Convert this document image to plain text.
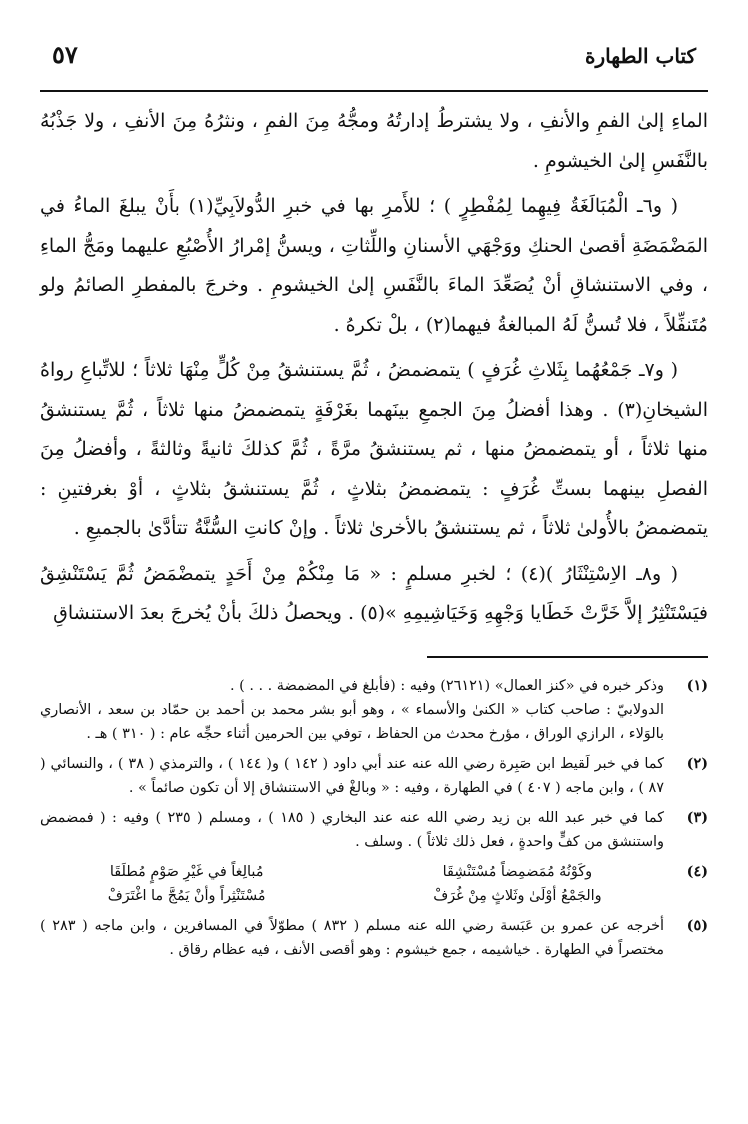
كتاب الطهارة
٥٧

الماءِ إلىٰ الفمِ والأنفِ ، ولا يشترطُ إدارتُهُ ومجُّهُ مِنَ الفمِ ، ونثرُهُ مِنَ الأنفِ ، ولا جَذْبُهُ بالنَّفَسِ إلىٰ الخيشومِ .

( و٦ـ الْمُبَالَغَةُ فِيهِما لِمُفْطِرٍ ) ؛ للأَمرِ بها في خبرِ الدُّولاَبِيِّ(١) بأَنْ يبلغَ الماءُ في المَضْمَضَةِ أقصىٰ الحنكِ ووَجْهَي الأسنانِ واللِّثاتِ ، ويسنُّ إمْرارُ الأُصْبُعِ عليهما ومَجُّ الماءِ ، وفي الاستنشاقِ أنْ يُصَعِّدَ الماءَ بالنَّفَسِ إلىٰ الخيشومِ . وخرجَ بالمفطرِ الصائمُ ولو مُتَنفِّلاً ، فلا تُسنُّ لَهُ المبالغةُ فيهما(٢) ، بلْ تكرهُ .

( و٧ـ جَمْعُهُما بِثَلاثِ غُرَفٍ ) يتمضمضُ ، ثُمَّ يستنشقُ مِنْ كُلٍّ مِنْهَا ثلاثاً ؛ للاتِّباعِ رواهُ الشيخانِ(٣) . وهذا أفضلُ مِنَ الجمعِ بينَهما بغَرْفَةٍ يتمضمضُ منها ثلاثاً ، ثُمَّ يستنشقُ منها ثلاثاً ، أو يتمضمضُ منها ، ثم يستنشقُ مرَّةً ، ثُمَّ كذلكَ ثانيةً وثالثةً ، وأفضلُ مِنَ الفصلِ بينهما بستِّ غُرَفٍ : يتمضمضُ بثلاثٍ ، ثُمَّ يستنشقُ بثلاثٍ ، أوْ بغرفتينِ : يتمضمضُ بالأُولىٰ ثلاثاً ، ثم يستنشقُ بالأخرىٰ ثلاثاً . وإنْ كانتِ السُّنَّةُ تتأدَّىٰ بالجميعِ .

( و٨ـ الاِسْتِنْثَارُ )(٤) ؛ لخبرِ مسلمٍ : « مَا مِنْكُمْ مِنْ أَحَدٍ يتمضْمَضُ ثُمَّ يَسْتَنْشِقُ فيَسْتَنْثِرُ إلاَّ خَرَّتْ خَطَايا وَجْهِهِ وَخَيَاشِيمِهِ »(٥) . ويحصلُ ذلكَ بأنْ يُخرجَ بعدَ الاستنشاقِ

(١)

وذكر خبره في «كنز العمال» (٢٦١٢١) وفيه : (فأبلغ في المضمضة . . . ) .

الدولابيّ : صاحب كتاب « الكنىٰ والأسماء » ، وهو أبو بشر محمد بن أحمد بن حمّاد بن سعد ، الأنصاري بالوَلاء ، الرازي الوراق ، مؤرخ محدث من الحفاظ ، توفي بين الحرمين أثناء حجِّه عام : ( ٣١٠ ) هـ .

(٢)

كما في خبر لَقيط ابن صَبِرة رضي الله عنه عند أبي داود ( ١٤٢ ) و( ١٤٤ ) ، والترمذي ( ٣٨ ) ، والنسائي ( ٨٧ ) ، وابن ماجه ( ٤٠٧ ) في الطهارة ، وفيه : « وبالغْ في الاستنشاق إلا أن تكون صائماً » .

(٣)

كما في خبر عبد الله بن زيد رضي الله عنه عند البخاري ( ١٨٥ ) ، ومسلم ( ٢٣٥ ) وفيه : ( فمضمض واستنشق من كفٍّ واحدةٍ ، فعل ذلك ثلاثاً ) . وسلف .

(٤)
وكَوْنُهُ مُمَضمِضاً مُسْتَنْشِقَا
مُبالِغاً في غَيْرِ صَوْمٍ مُطلَقَا
والجَمْعُ أوْلَىٰ وثَلاثٍ مِنْ غُرَفْ
مُسْتَنْثِراً وأنْ يَمُجَّ ما اغْتَرَفْ
(٥)

أخرجه عن عمرو بن عَبَسة رضي الله عنه مسلم ( ٨٣٢ ) مطوّلاً في المسافرين ، وابن ماجه ( ٢٨٣ ) مختصراً في الطهارة . خياشيمه ، جمع خيشوم : وهو أقصى الأنف ، فيه عظام رقاق .
